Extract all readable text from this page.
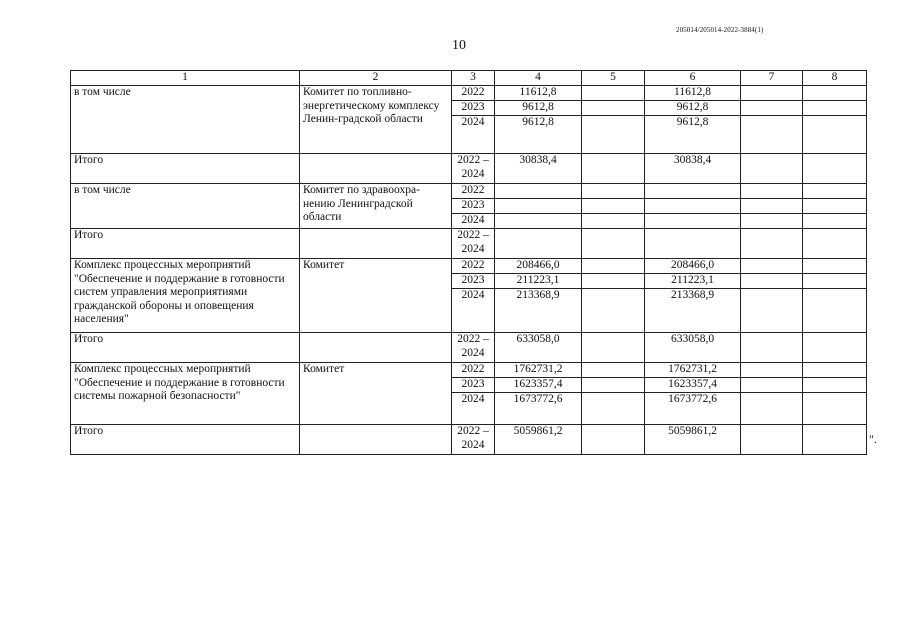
205014/205014-2022-3884(1)
10
1	2	3	4	5	6	7	8
в том числе	Комитет по топливно-энергетическому комплексу Ленин-градской области	2022	11612,8		11612,8		
		2023	9612,8		9612,8		
		2024	9612,8		9612,8		
Итого		2022 – 2024	30838,4		30838,4		
в том числе	Комитет по здравоохра-нению Ленинградской области	2022					
		2023					
		2024					
Итого		2022 – 2024					
Комплекс процессных мероприятий "Обеспечение и поддержание в готовности систем управления мероприятиями гражданской обороны и оповещения населения"	Комитет	2022	208466,0		208466,0		
		2023	211223,1		211223,1		
		2024	213368,9		213368,9		
Итого		2022 – 2024	633058,0		633058,0		
Комплекс процессных мероприятий "Обеспечение и поддержание в готовности системы пожарной безопасности"	Комитет	2022	1762731,2		1762731,2		
		2023	1623357,4		1623357,4		
		2024	1673772,6		1673772,6		
Итого		2022 – 2024	5059861,2		5059861,2		
".
